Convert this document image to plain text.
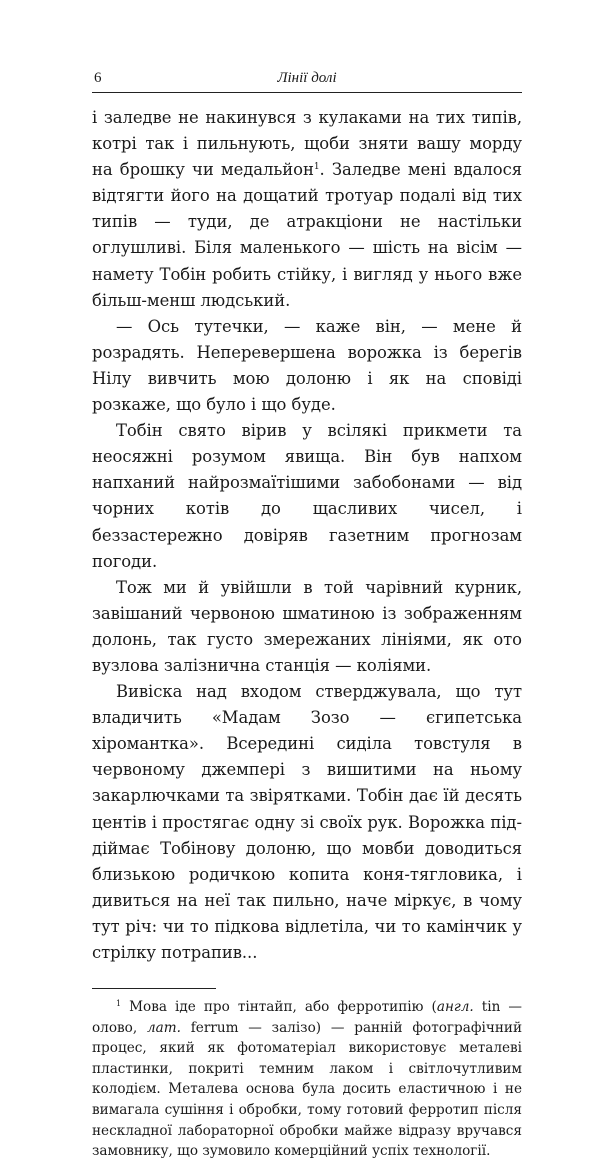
6	Лінії долі

і заледве не накинувся з кулаками на тих типів, котрі так і пильнують, щоби зняти вашу морду на брошку чи медальйон$^1$. Заледве мені вдалося відтягти його на дощатий тротуар подалі від тих типів — туди, де атракціони не настільки оглушливі. Біля маленького — шість на вісім — намету Тобін робить стійку, і вигляд у нього вже більш-менш людський.

— Ось тутечки, — каже він, — мене й розрадять. Неперевершена ворожка із берегів Нілу вивчить мою долоню і як на сповіді розкаже, що було і що буде.

Тобін свято вірив у всілякі прикмети та неосяжні розумом явища. Він був напхом напханий найрозмаїтішими забобонами — від чорних котів до щасливих чисел, і беззастережно довіряв газетним прогнозам погоди.

Тож ми й увійшли в той чарівний курник, завішаний червоною шматиною із зображенням долонь, так густо змережаних лініями, як ото вузлова залізнична станція — коліями.

Вивіска над входом стверджувала, що тут владичить «Мадам Зозо — єгипетська хіромантка». Всередині сиділа товстуля в червоному джемпері з вишитими на ньому закарлючками та звірятками. Тобін дає їй десять центів і простягає одну зі своїх рук. Ворожка піддіймає Тобінову долоню, що мовби доводиться близькою родичкою копита коня-тягловика, і дивиться на неї так пильно, наче міркує, в чому тут річ: чи то підкова відлетіла, чи то камінчик у стрілку потрапив...

$^1$ Мова іде про тінтайп, або ферротипію (англ. tin — олово, лат. ferrum — залізо) — ранній фотографічний процес, який як фотоматеріал використовує металеві пластинки, покриті темним лаком і світлочутливим колодієм. Металева основа була досить еластичною і не вимагала сушіння і обробки, тому готовий ферротип після нескладної лабораторної обробки майже відразу вручався замовнику, що зумовило комерційний успіх технології.
